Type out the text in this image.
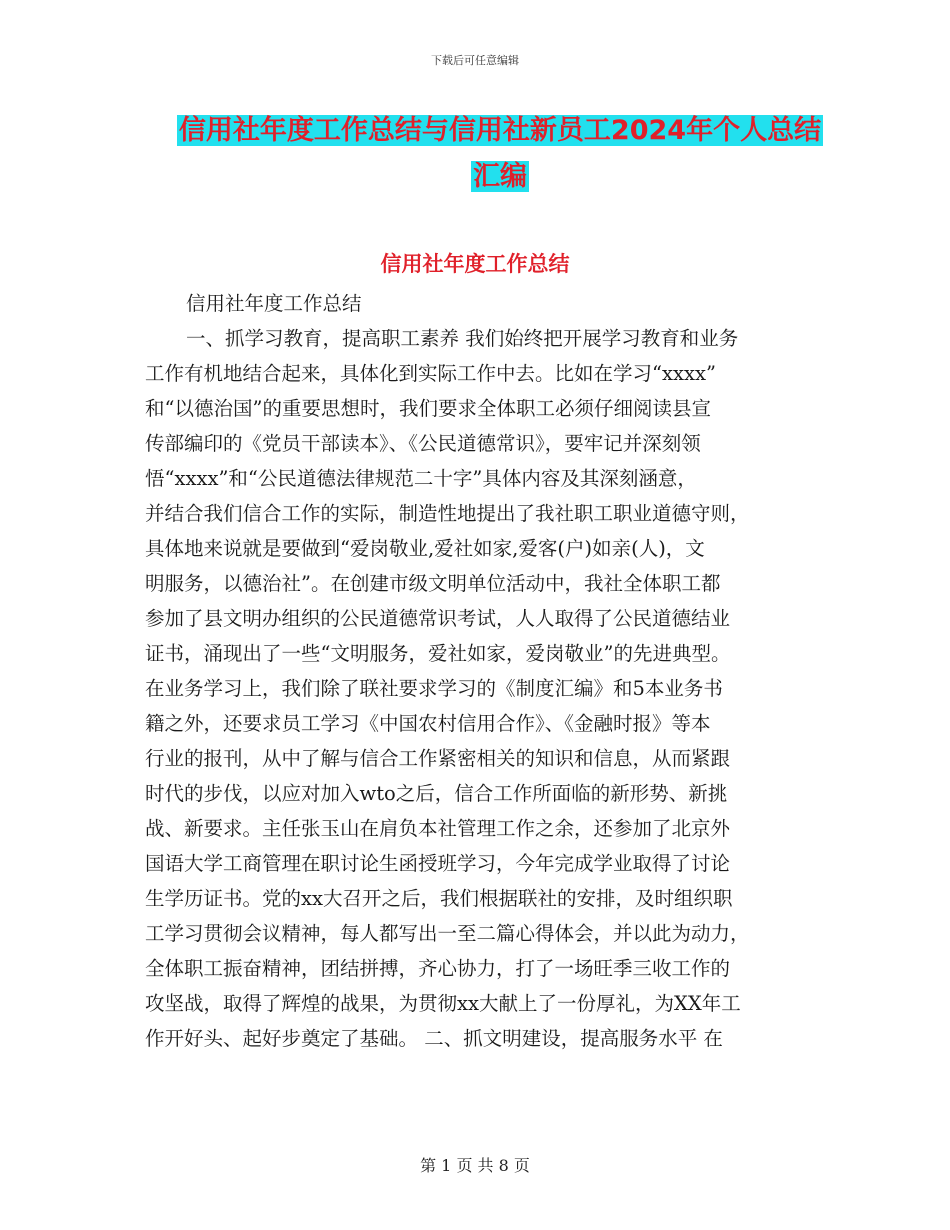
下载后可任意编辑
信用社年度工作总结与信用社新员工2024年个人总结
汇编
信用社年度工作总结
信用社年度工作总结
一、抓学习教育，提高职工素养 我们始终把开展学习教育和业务
工作有机地结合起来，具体化到实际工作中去。比如在学习“xxxx”
和“以德治国”的重要思想时，我们要求全体职工必须仔细阅读县宣
传部编印的《党员干部读本》、《公民道德常识》，要牢记并深刻领
悟“xxxx”和“公民道德法律规范二十字”具体内容及其深刻涵意，
并结合我们信合工作的实际，制造性地提出了我社职工职业道德守则，
具体地来说就是要做到“爱岗敬业,爱社如家,爱客(户)如亲(人)，文
明服务，以德治社”。在创建市级文明单位活动中，我社全体职工都
参加了县文明办组织的公民道德常识考试，人人取得了公民道德结业
证书，涌现出了一些“文明服务，爱社如家，爱岗敬业”的先进典型。
在业务学习上，我们除了联社要求学习的《制度汇编》和5本业务书
籍之外，还要求员工学习《中国农村信用合作》、《金融时报》等本
行业的报刊，从中了解与信合工作紧密相关的知识和信息，从而紧跟
时代的步伐，以应对加入wto之后，信合工作所面临的新形势、新挑
战、新要求。主任张玉山在肩负本社管理工作之余，还参加了北京外
国语大学工商管理在职讨论生函授班学习，今年完成学业取得了讨论
生学历证书。党的xx大召开之后，我们根据联社的安排，及时组织职
工学习贯彻会议精神，每人都写出一至二篇心得体会，并以此为动力，
全体职工振奋精神，团结拼搏，齐心协力，打了一场旺季三收工作的
攻坚战，取得了辉煌的战果，为贯彻xx大献上了一份厚礼，为XX年工
作开好头、起好步奠定了基础。 二、抓文明建设，提高服务水平 在
第 1 页 共 8 页
